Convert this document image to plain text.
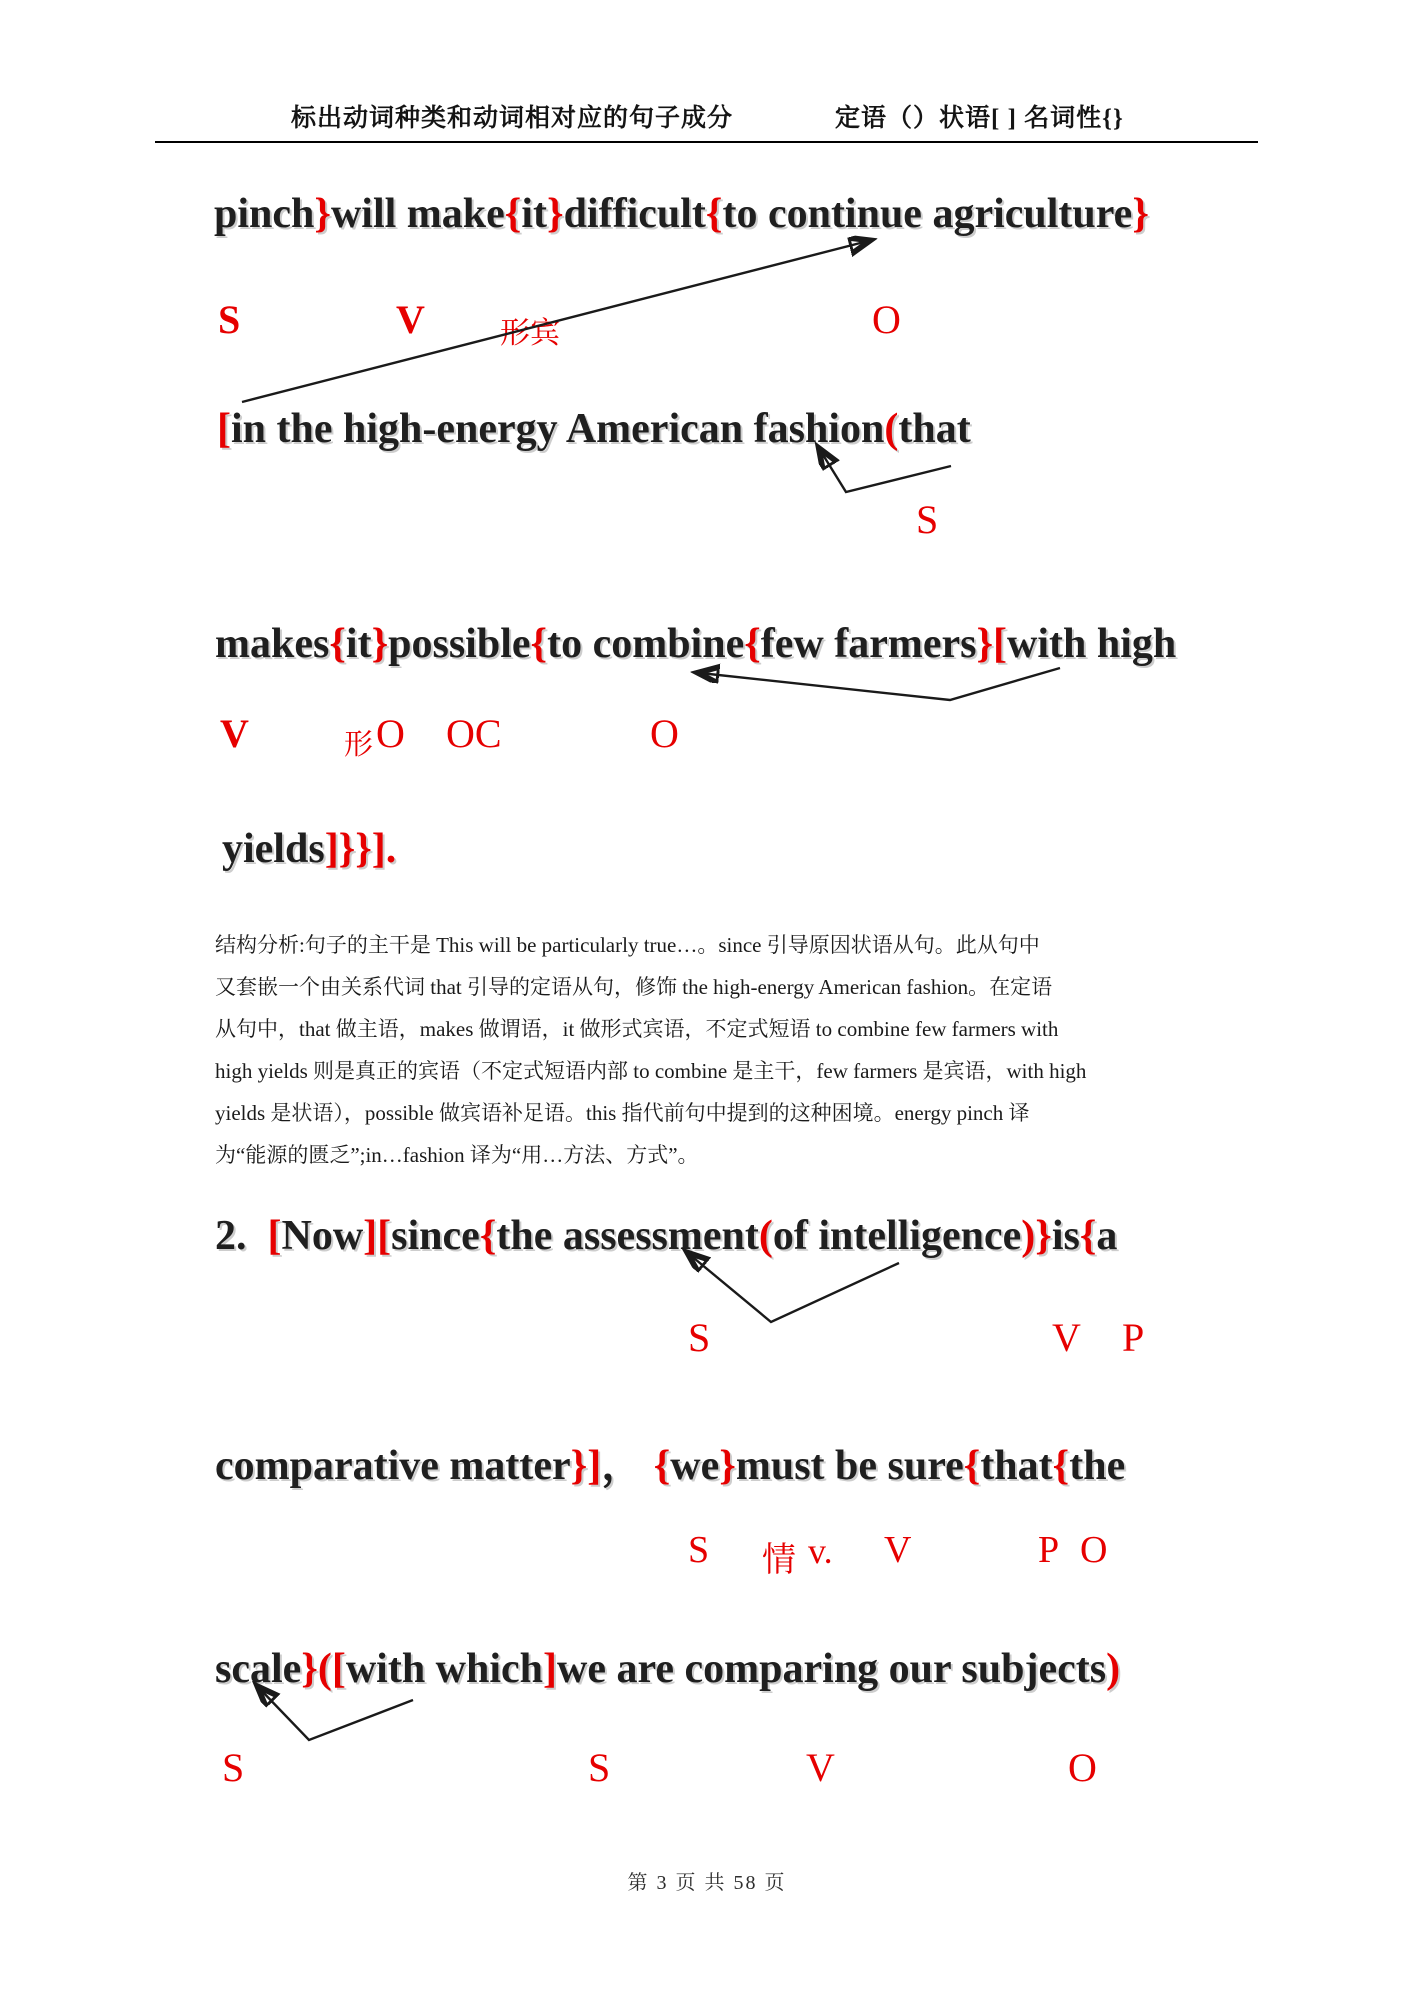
标出动词种类和动词相对应的句子成分	定语（）状语[ ] 名词性{}
pinch}will make{it}difficult{to continue agriculture}
S	V	形宾	O
[in the high-energy American fashion(that
S
makes{it}possible{to combine{few farmers}[with high
V	形 O OC	O
yields]}}].
结构分析:句子的主干是 This will be particularly true…。since 引导原因状语从句。此从句中
又套嵌一个由关系代词 that 引导的定语从句，修饰 the high-energy American fashion。在定语
从句中，that 做主语，makes 做谓语，it 做形式宾语，不定式短语 to combine few farmers with
high yields 则是真正的宾语（不定式短语内部 to combine 是主干，few farmers 是宾语，with high
yields 是状语），possible 做宾语补足语。this 指代前句中提到的这种困境。energy pinch 译
为“能源的匮乏”;in…fashion 译为“用…方法、方式”。
2.  [Now][since{the assessment(of intelligence)}is{a
S	V P
comparative matter}]， {we}must be sure{that{the
S 情 v. V	P O
scale}([with which]we are comparing our subjects)
S	S	V	O
第 3 页 共 58 页
